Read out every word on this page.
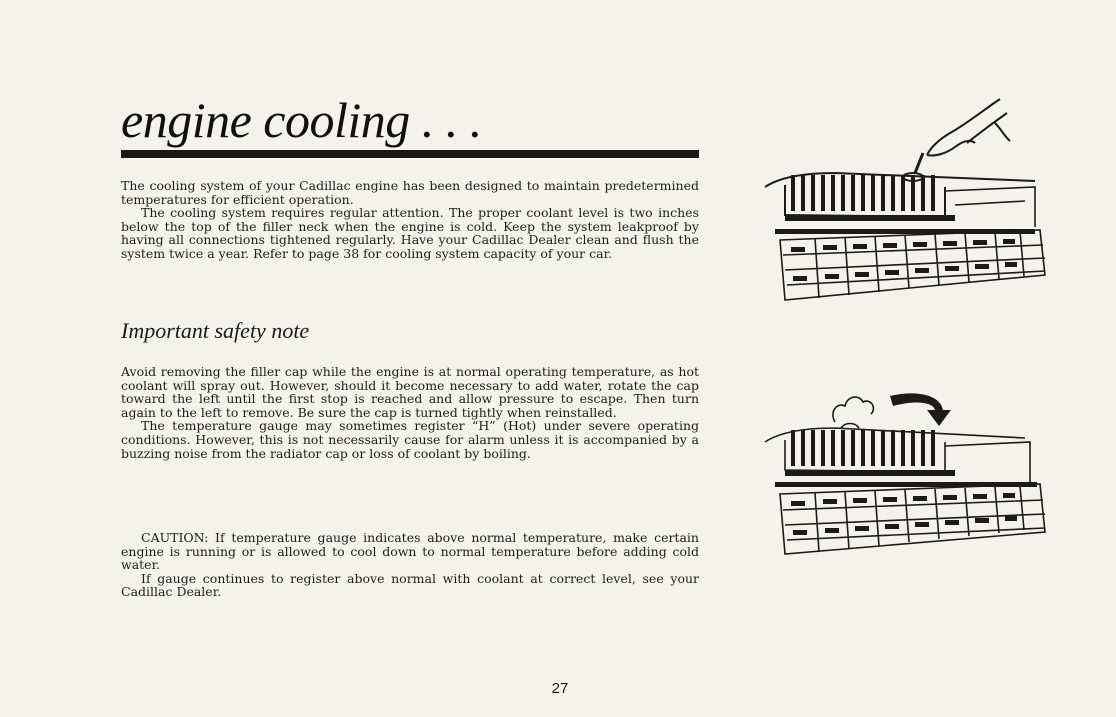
engine cooling . . .
The cooling system of your Cadillac engine has been designed to maintain predetermined temperatures for efficient operation.
The cooling system requires regular attention. The proper coolant level is two inches below the top of the filler neck when the engine is cold. Keep the system leakproof by having all connections tightened regularly. Have your Cadillac Dealer clean and flush the system twice a year. Refer to page 38 for cooling system capacity of your car.
Important safety note
Avoid removing the filler cap while the engine is at normal operating temperature, as hot coolant will spray out. However, should it become necessary to add water, rotate the cap toward the left until the first stop is reached and allow pressure to escape. Then turn again to the left to remove. Be sure the cap is turned tightly when reinstalled.
The temperature gauge may sometimes register “H” (Hot) under severe operating conditions. However, this is not necessarily cause for alarm unless it is accompanied by a buzzing noise from the radiator cap or loss of coolant by boiling.
CAUTION: If temperature gauge indicates above normal temperature, make certain engine is running or is allowed to cool down to normal temperature before adding cold water.
If gauge continues to register above normal with coolant at correct level, see your Cadillac Dealer.
27
